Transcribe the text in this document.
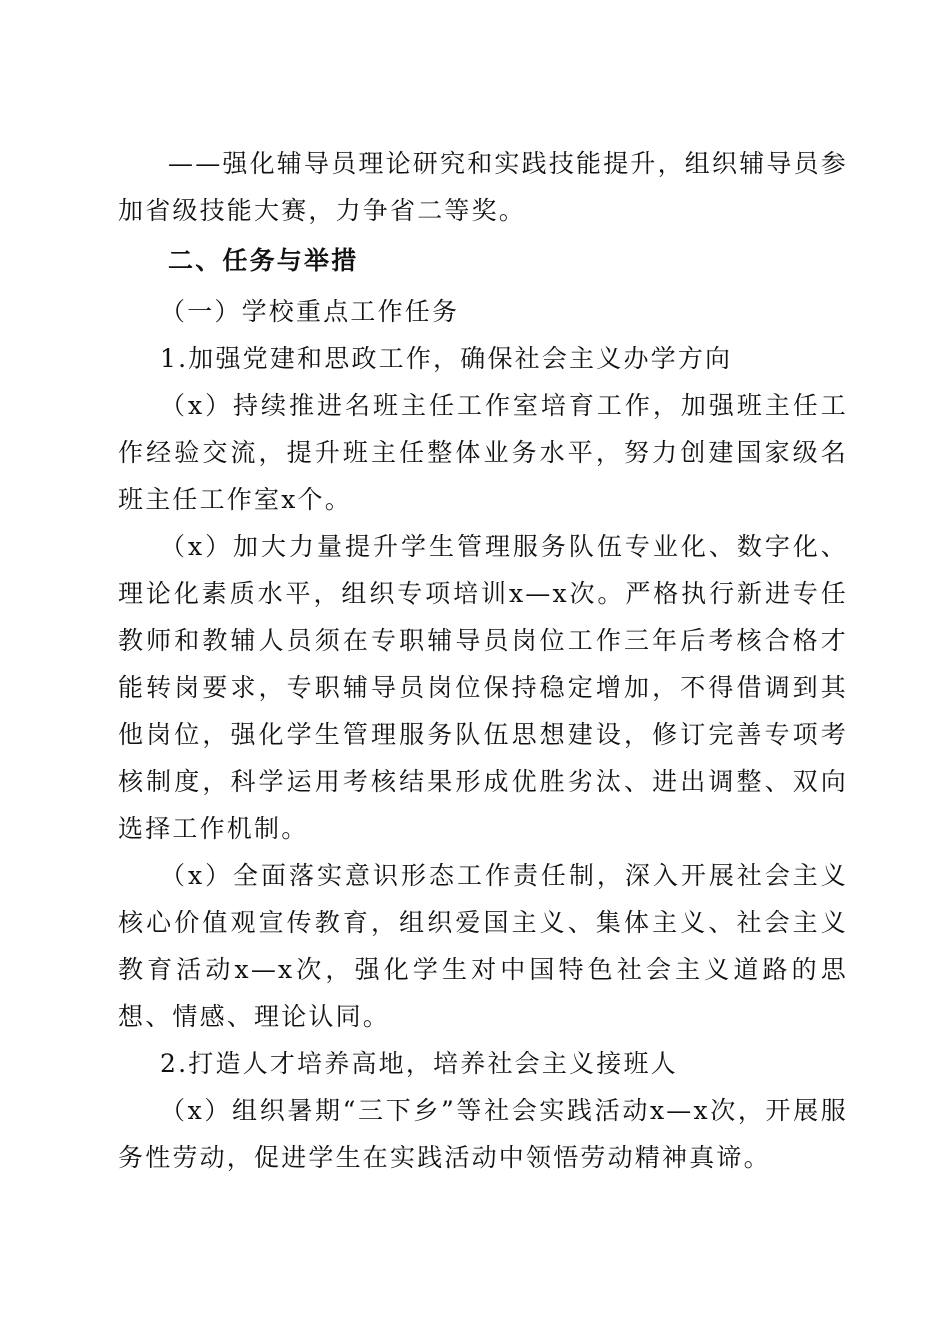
——强化辅导员理论研究和实践技能提升，组织辅导员参加省级技能大赛，力争省二等奖。

二、任务与举措

（一）学校重点工作任务

1.加强党建和思政工作，确保社会主义办学方向

（x）持续推进名班主任工作室培育工作，加强班主任工作经验交流，提升班主任整体业务水平，努力创建国家级名班主任工作室x个。

（x）加大力量提升学生管理服务队伍专业化、数字化、理论化素质水平，组织专项培训x—x次。严格执行新进专任教师和教辅人员须在专职辅导员岗位工作三年后考核合格才能转岗要求，专职辅导员岗位保持稳定增加，不得借调到其他岗位，强化学生管理服务队伍思想建设，修订完善专项考核制度，科学运用考核结果形成优胜劣汰、进出调整、双向选择工作机制。

（x）全面落实意识形态工作责任制，深入开展社会主义核心价值观宣传教育，组织爱国主义、集体主义、社会主义教育活动x—x次，强化学生对中国特色社会主义道路的思想、情感、理论认同。

2.打造人才培养高地，培养社会主义接班人

（x）组织暑期“三下乡”等社会实践活动x—x次，开展服务性劳动，促进学生在实践活动中领悟劳动精神真谛。
